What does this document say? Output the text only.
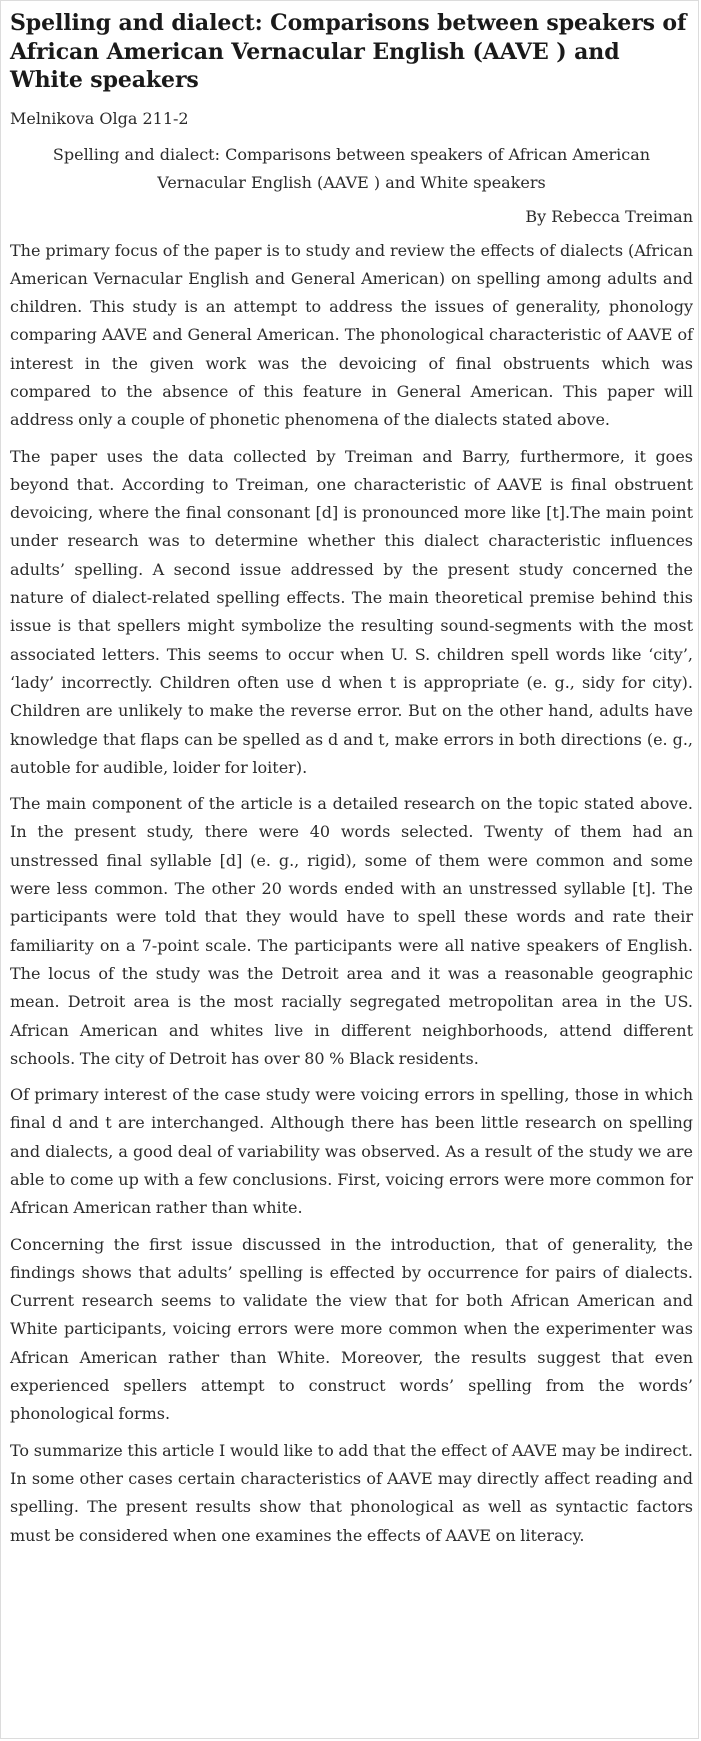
Spelling and dialect: Comparisons between speakers of African American Vernacular English (AAVE ) and White speakers

Melnikova Olga 211-2

Spelling and dialect: Comparisons between speakers of African American Vernacular English (AAVE ) and White speakers

By Rebecca Treiman

The primary focus of the paper is to study and review the effects of dialects (African American Vernacular English and General American) on spelling among adults and children. This study is an attempt to address the issues of generality, phonology comparing AAVE and General American. The phonological characteristic of AAVE of interest in the given work was the devoicing of final obstruents which was compared to the absence of this feature in General American. This paper will address only a couple of phonetic phenomena of the dialects stated above.

The paper uses the data collected by Treiman and Barry, furthermore, it goes beyond that. According to Treiman, one characteristic of AAVE is final obstruent devoicing, where the final consonant [d] is pronounced more like [t].The main point under research was to determine whether this dialect characteristic influences adults’ spelling. A second issue addressed by the present study concerned the nature of dialect-related spelling effects. The main theoretical premise behind this issue is that spellers might symbolize the resulting sound-segments with the most associated letters. This seems to occur when U. S. children spell words like ‘city’, ‘lady’ incorrectly. Children often use d when t is appropriate (e. g., sidy for city). Children are unlikely to make the reverse error. But on the other hand, adults have knowledge that flaps can be spelled as d and t, make errors in both directions (e. g., autoble for audible, loider for loiter).

The main component of the article is a detailed research on the topic stated above. In the present study, there were 40 words selected. Twenty of them had an unstressed final syllable [d] (e. g., rigid), some of them were common and some were less common. The other 20 words ended with an unstressed syllable [t]. The participants were told that they would have to spell these words and rate their familiarity on a 7-point scale. The participants were all native speakers of English. The locus of the study was the Detroit area and it was a reasonable geographic mean. Detroit area is the most racially segregated metropolitan area in the US. African American and whites live in different neighborhoods, attend different schools. The city of Detroit has over 80 % Black residents.

Of primary interest of the case study were voicing errors in spelling, those in which final d and t are interchanged. Although there has been little research on spelling and dialects, a good deal of variability was observed. As a result of the study we are able to come up with a few conclusions. First, voicing errors were more common for African American rather than white.

Concerning the first issue discussed in the introduction, that of generality, the findings shows that adults’ spelling is effected by occurrence for pairs of dialects. Current research seems to validate the view that for both African American and White participants, voicing errors were more common when the experimenter was African American rather than White. Moreover, the results suggest that even experienced spellers attempt to construct words’ spelling from the words’ phonological forms.

To summarize this article I would like to add that the effect of AAVE may be indirect. In some other cases certain characteristics of AAVE may directly affect reading and spelling. The present results show that phonological as well as syntactic factors must be considered when one examines the effects of AAVE on literacy.
